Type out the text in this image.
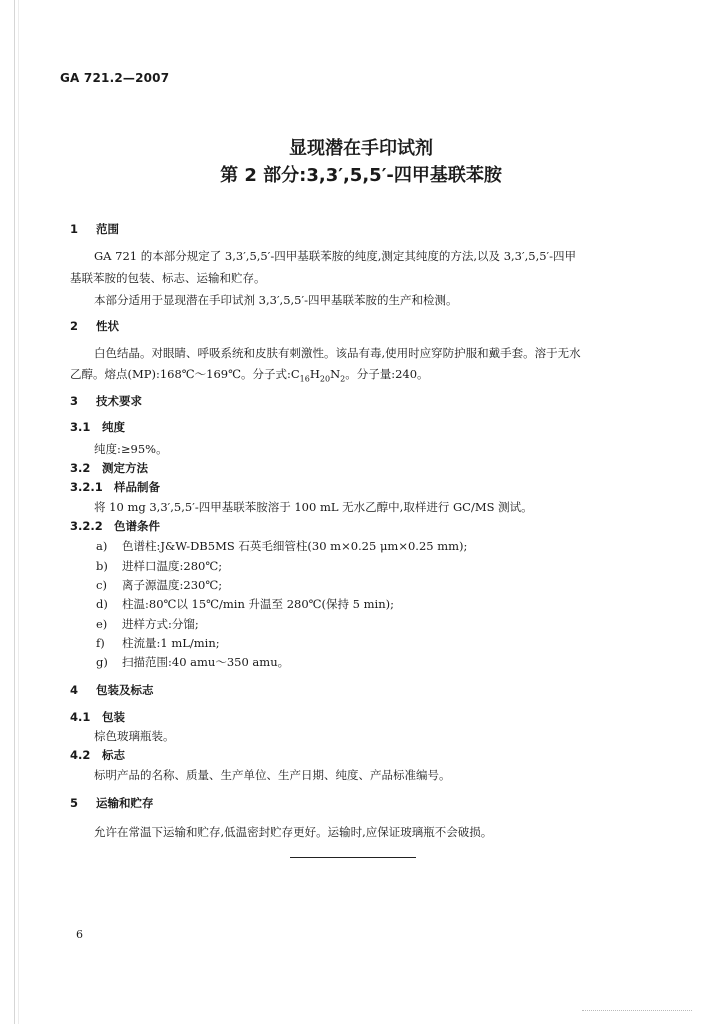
GA 721.2—2007
显现潜在手印试剂
第 2 部分:3,3′,5,5′-四甲基联苯胺
1 范围
GA 721 的本部分规定了 3,3′,5,5′-四甲基联苯胺的纯度,测定其纯度的方法,以及 3,3′,5,5′-四甲
基联苯胺的包装、标志、运输和贮存。
本部分适用于显现潜在手印试剂 3,3′,5,5′-四甲基联苯胺的生产和检测。
2 性状
白色结晶。对眼睛、呼吸系统和皮肤有刺激性。该品有毒,使用时应穿防护服和戴手套。溶于无水
乙醇。熔点(MP):168℃～169℃。分子式$:C_{16}H_{20}N_2$。分子量:240。
3 技术要求
3.1 纯度
纯度:≥95%。
3.2 测定方法
3.2.1 样品制备
将 10 mg 3,3′,5,5′-四甲基联苯胺溶于 100 mL 无水乙醇中,取样进行 GC/MS 测试。
3.2.2 色谱条件
a) 色谱柱:J&W-DB5MS 石英毛细管柱(30 m×0.25 μm×0.25 mm);
b) 进样口温度:280℃;
c) 离子源温度:230℃;
d) 柱温:80℃以 15℃/min 升温至 280℃(保持 5 min);
e) 进样方式:分馏;
f) 柱流量:1 mL/min;
g) 扫描范围:40 amu～350 amu。
4 包装及标志
4.1 包装
棕色玻璃瓶装。
4.2 标志
标明产品的名称、质量、生产单位、生产日期、纯度、产品标准编号。
5 运输和贮存
允许在常温下运输和贮存,低温密封贮存更好。运输时,应保证玻璃瓶不会破损。
6
